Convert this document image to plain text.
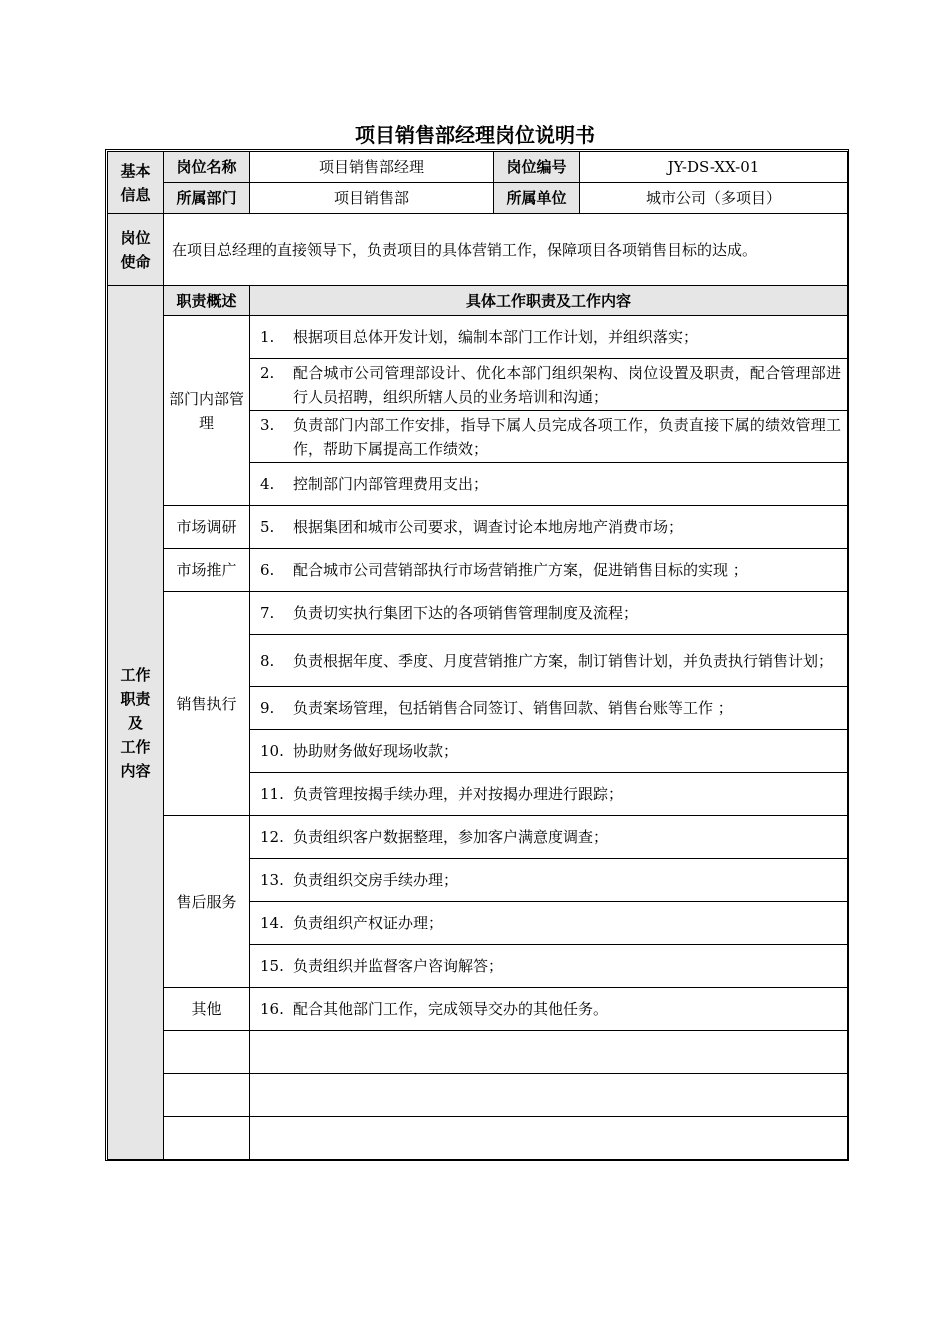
项目销售部经理岗位说明书
基本
信息	岗位名称	项目销售部经理	岗位编号	JY-DS-XX-01
	所属部门	项目销售部	所属单位	城市公司（多项目）
岗位
使命	在项目总经理的直接领导下，负责项目的具体营销工作，保障项目各项销售目标的达成。			
工作
职责
及
工作
内容	职责概述	具体工作职责及工作内容		
	部门内部管理	1. 根据项目总体开发计划，编制本部门工作计划，并组织落实；		

		2. 配合城市公司管理部设计、优化本部门组织架构、岗位设置及职责，配合管理部进行人员招聘，组织所辖人员的业务培训和沟通；		

		3. 负责部门内部工作安排，指导下属人员完成各项工作，负责直接下属的绩效管理工作，帮助下属提高工作绩效；		

		4. 控制部门内部管理费用支出；		

	市场调研	5. 根据集团和城市公司要求，调查讨论本地房地产消费市场；		

	市场推广	6. 配合城市公司营销部执行市场营销推广方案，促进销售目标的实现 ；		

	销售执行	7. 负责切实执行集团下达的各项销售管理制度及流程；		

		8. 负责根据年度、季度、月度营销推广方案，制订销售计划，并负责执行销售计划；		

		9. 负责案场管理，包括销售合同签订、销售回款、销售台账等工作 ；		

		10. 协助财务做好现场收款；		

		11. 负责管理按揭手续办理，并对按揭办理进行跟踪；		

	售后服务	12. 负责组织客户数据整理，参加客户满意度调查；		

		13. 负责组织交房手续办理；		

		14. 负责组织产权证办理；		

		15. 负责组织并监督客户咨询解答；		

	其他	16. 配合其他部门工作，完成领导交办的其他任务。		
